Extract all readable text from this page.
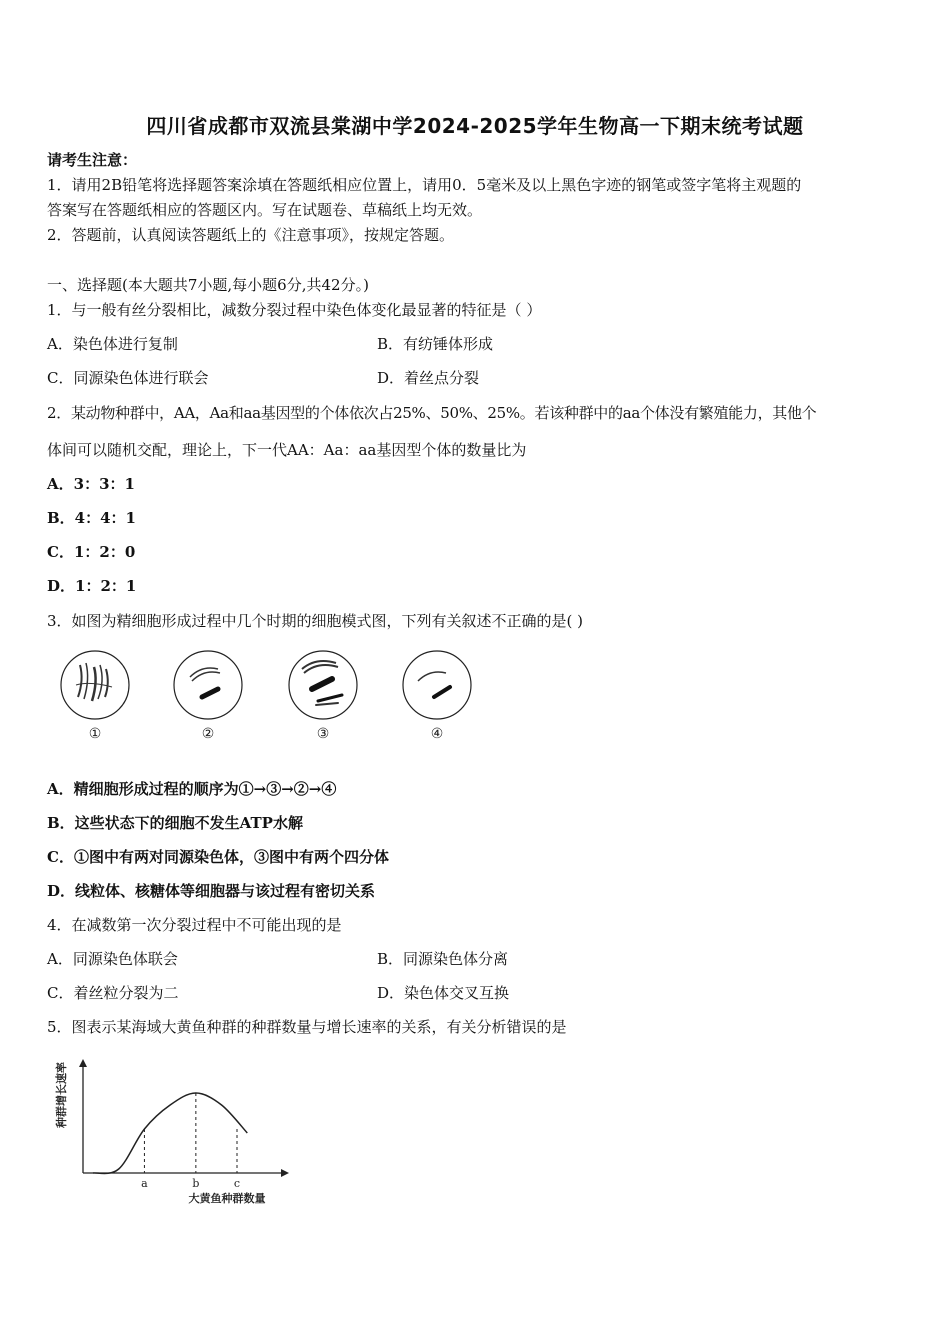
四川省成都市双流县棠湖中学2024-2025学年生物高一下期末统考试题
请考生注意：
1．请用2B铅笔将选择题答案涂填在答题纸相应位置上，请用0．5毫米及以上黑色字迹的钢笔或签字笔将主观题的
答案写在答题纸相应的答题区内。写在试题卷、草稿纸上均无效。
2．答题前，认真阅读答题纸上的《注意事项》，按规定答题。
一、选择题(本大题共7小题,每小题6分,共42分。)
1．与一般有丝分裂相比，减数分裂过程中染色体变化最显著的特征是（ ）
A．染色体进行复制	B．有纺锤体形成
C．同源染色体进行联会	D．着丝点分裂
2．某动物种群中，AA，Aa和aa基因型的个体依次占25%、50%、25%。若该种群中的aa个体没有繁殖能力，其他个
体间可以随机交配，理论上，下一代AA：Aa：aa基因型个体的数量比为
A．3：3：1
B．4：4：1
C．1：2：0
D．1：2：1
3．如图为精细胞形成过程中几个时期的细胞模式图，下列有关叙述不正确的是( )
①	②	③	④
A．精细胞形成过程的顺序为①→③→②→④
B．这些状态下的细胞不发生ATP水解
C．①图中有两对同源染色体，③图中有两个四分体
D．线粒体、核糖体等细胞器与该过程有密切关系
4．在减数第一次分裂过程中不可能出现的是
A．同源染色体联会	B．同源染色体分离
C．着丝粒分裂为二	D．染色体交叉互换
5．图表示某海域大黄鱼种群的种群数量与增长速率的关系，有关分析错误的是
a	b	c
种群增长速率
大黄鱼种群数量
